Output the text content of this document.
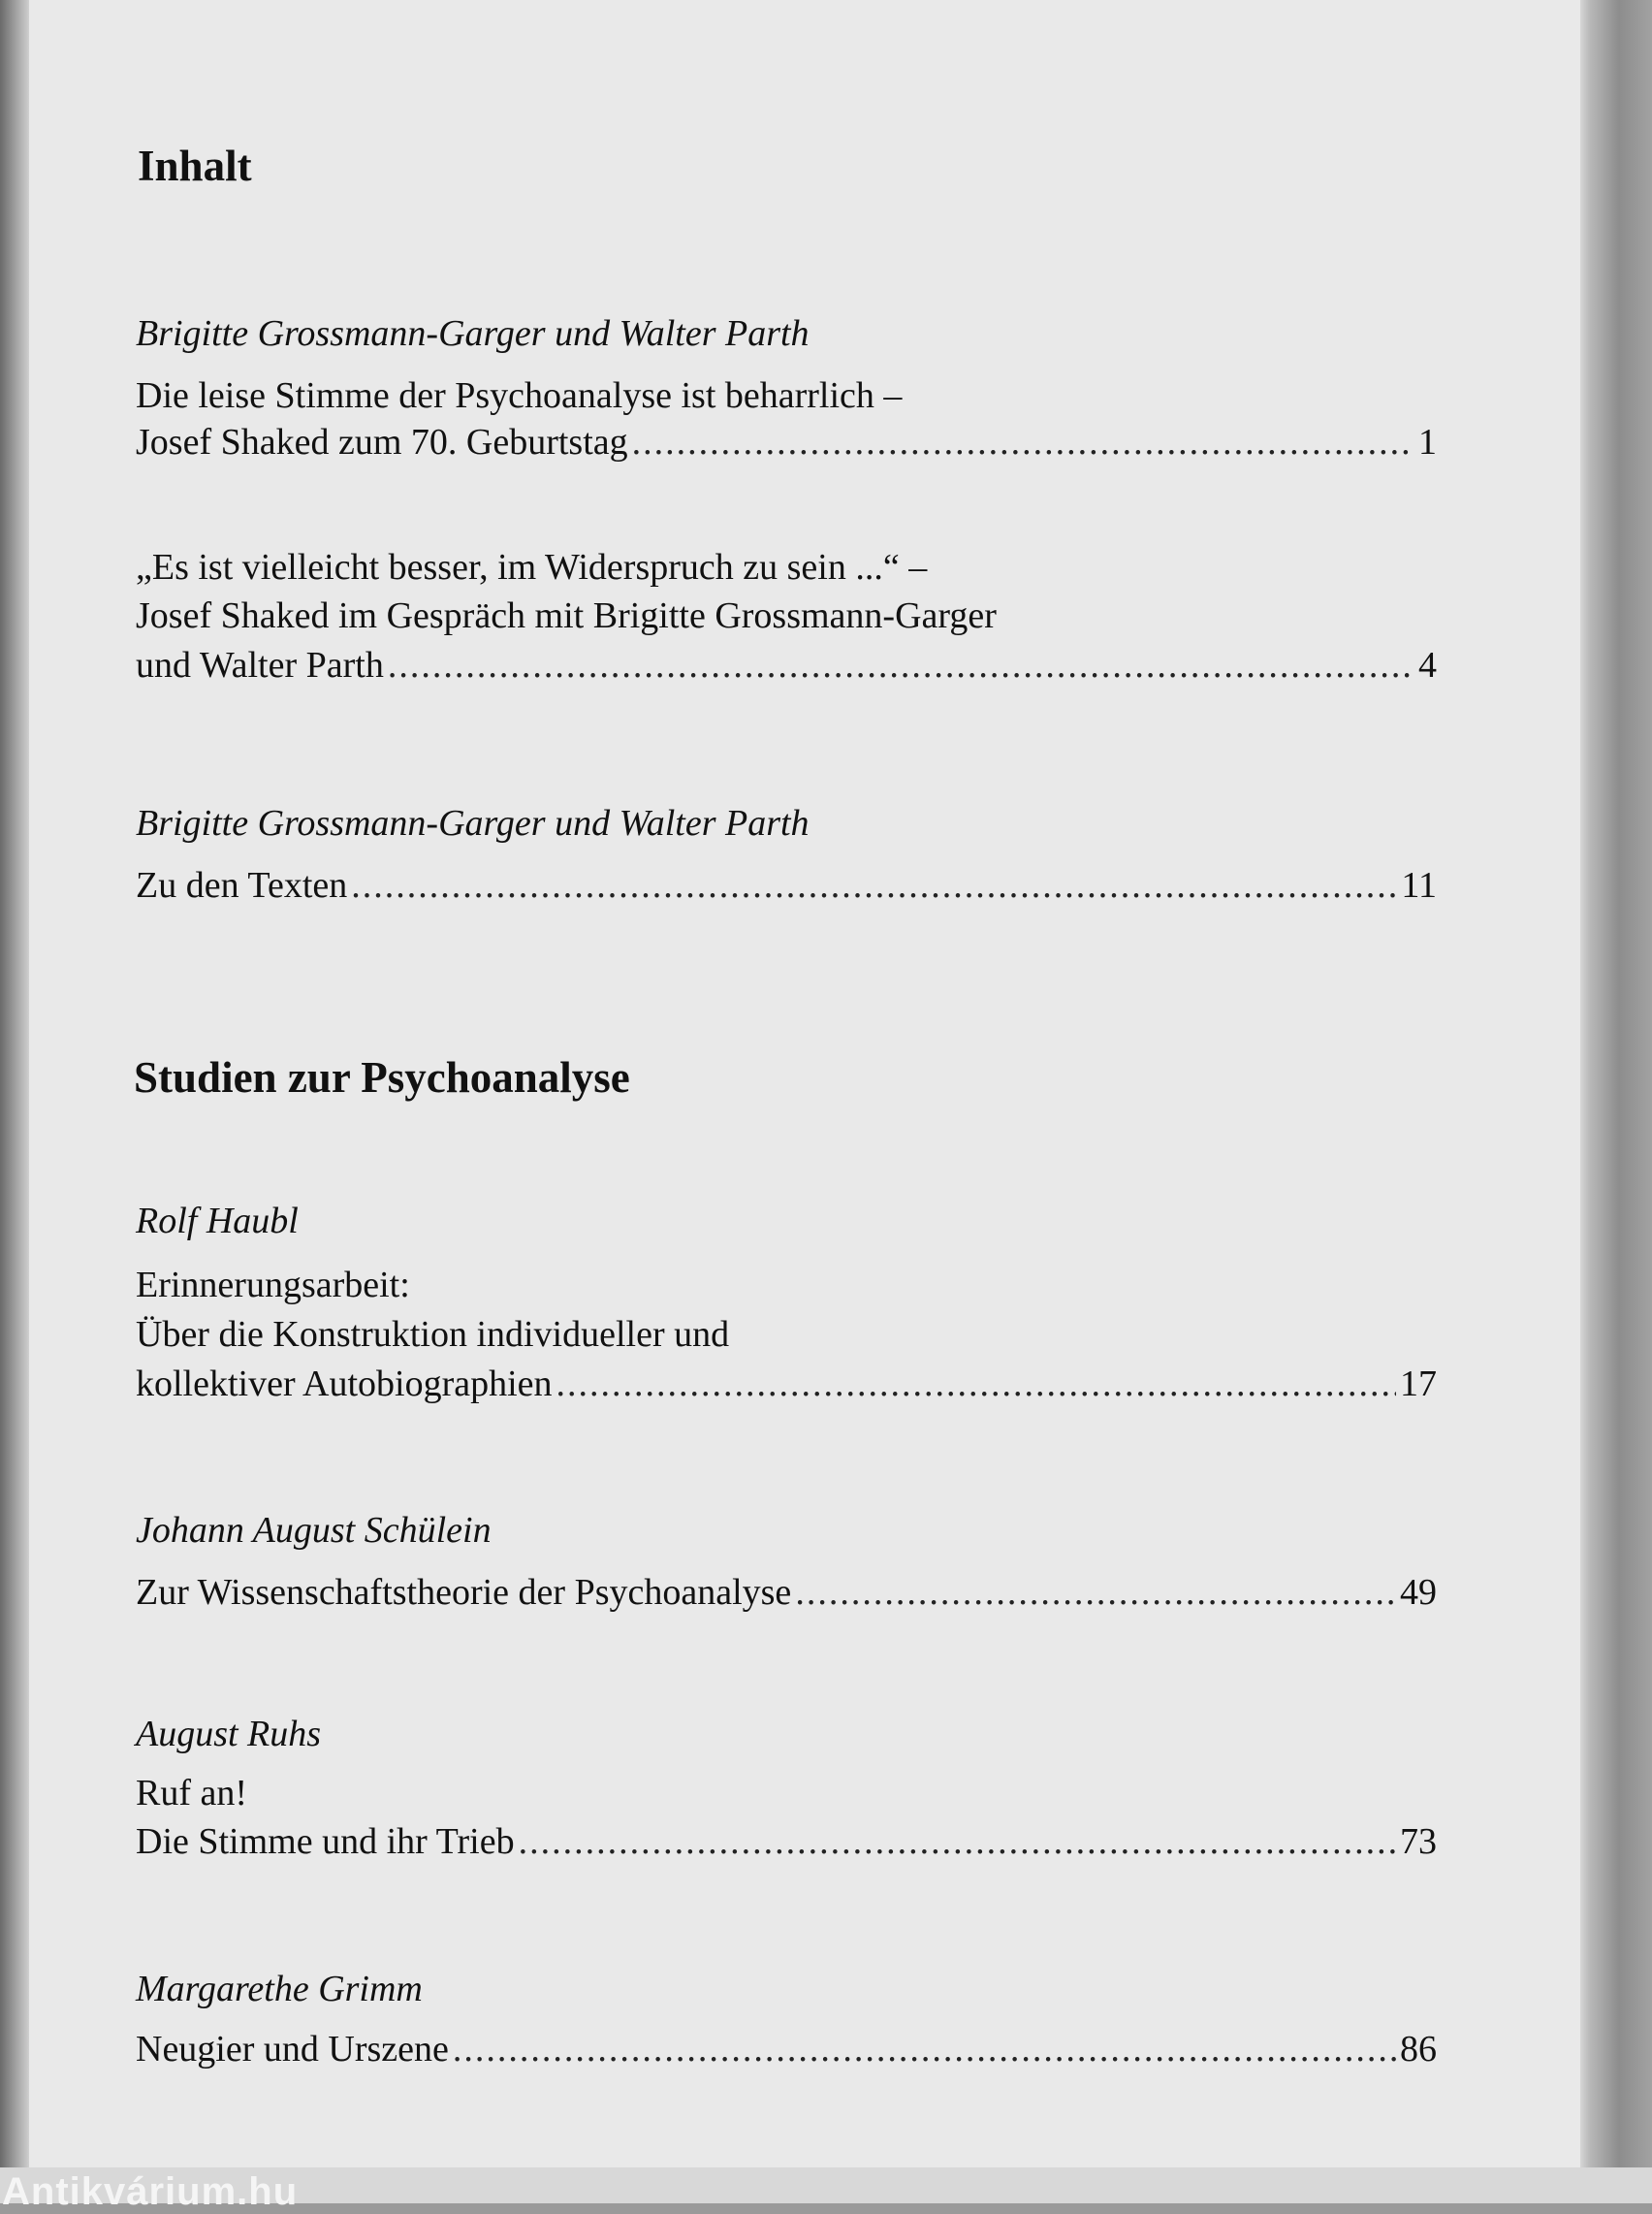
Inhalt
Brigitte Grossmann-Garger und Walter Parth
Die leise Stimme der Psychoanalyse ist beharrlich –
Josef Shaked zum 70. Geburtstag .....	1
„Es ist vielleicht besser, im Widerspruch zu sein ...“ –
Josef Shaked im Gespräch mit Brigitte Grossmann-Garger
und Walter Parth .....	4
Brigitte Grossmann-Garger und Walter Parth
Zu den Texten .....	11
Studien zur Psychoanalyse
Rolf Haubl
Erinnerungsarbeit:
Über die Konstruktion individueller und
kollektiver Autobiographien .....	17
Johann August Schülein
Zur Wissenschaftstheorie der Psychoanalyse .....	49
August Ruhs
Ruf an!
Die Stimme und ihr Trieb .....	73
Margarethe Grimm
Neugier und Urszene .....	86
Antikvárium.hu
